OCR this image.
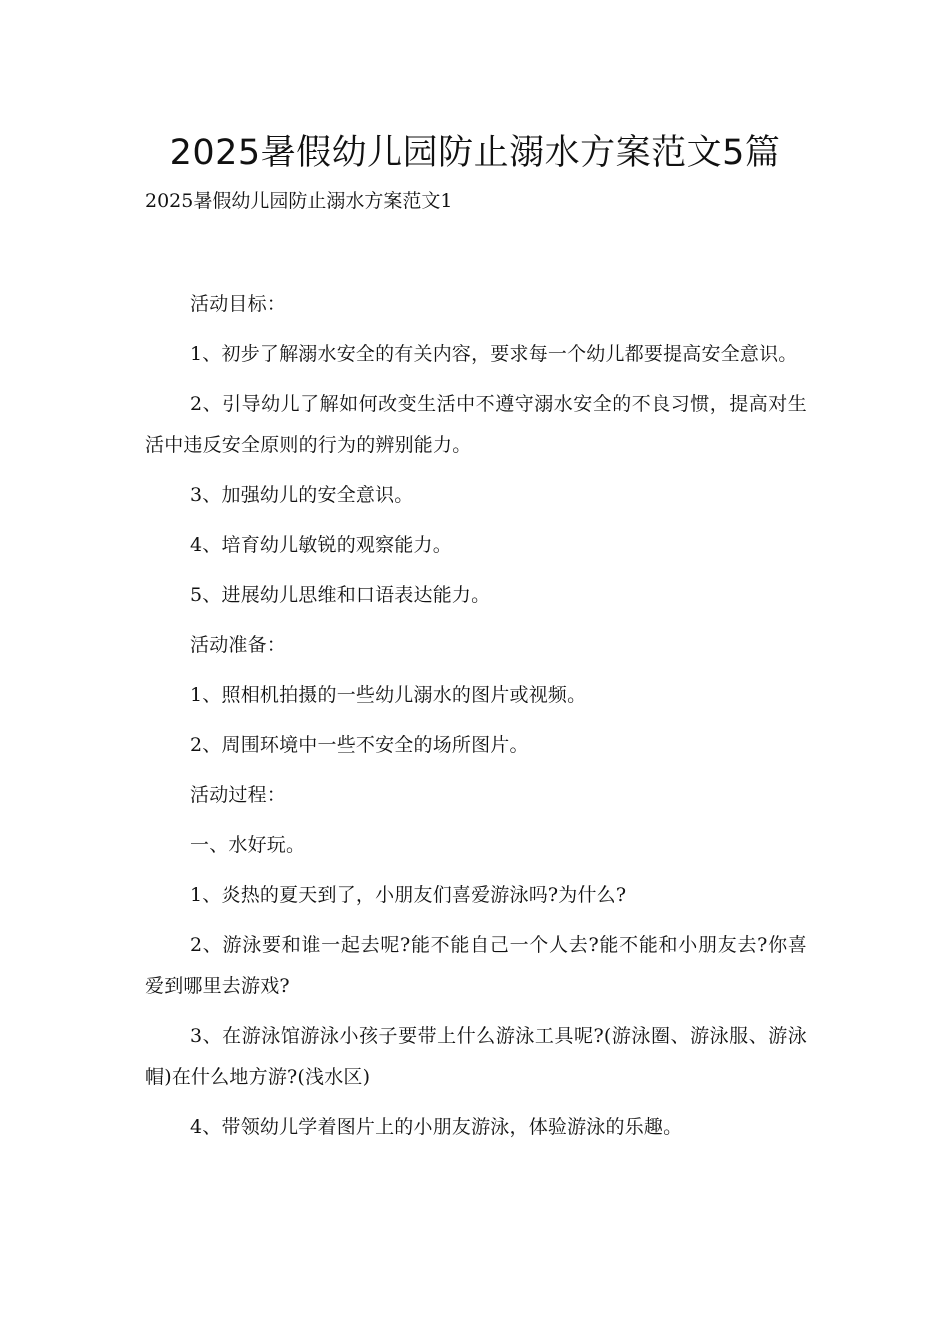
2025暑假幼儿园防止溺水方案范文5篇
2025暑假幼儿园防止溺水方案范文1

活动目标：

1、初步了解溺水安全的有关内容，要求每一个幼儿都要提高安全意识。

2、引导幼儿了解如何改变生活中不遵守溺水安全的不良习惯，提高对生活中违反安全原则的行为的辨别能力。

3、加强幼儿的安全意识。

4、培育幼儿敏锐的观察能力。

5、进展幼儿思维和口语表达能力。

活动准备：

1、照相机拍摄的一些幼儿溺水的图片或视频。

2、周围环境中一些不安全的场所图片。

活动过程：

一、水好玩。

1、炎热的夏天到了，小朋友们喜爱游泳吗?为什么?

2、游泳要和谁一起去呢?能不能自己一个人去?能不能和小朋友去?你喜爱到哪里去游戏?

3、在游泳馆游泳小孩子要带上什么游泳工具呢?(游泳圈、游泳服、游泳帽)在什么地方游?(浅水区)

4、带领幼儿学着图片上的小朋友游泳，体验游泳的乐趣。
